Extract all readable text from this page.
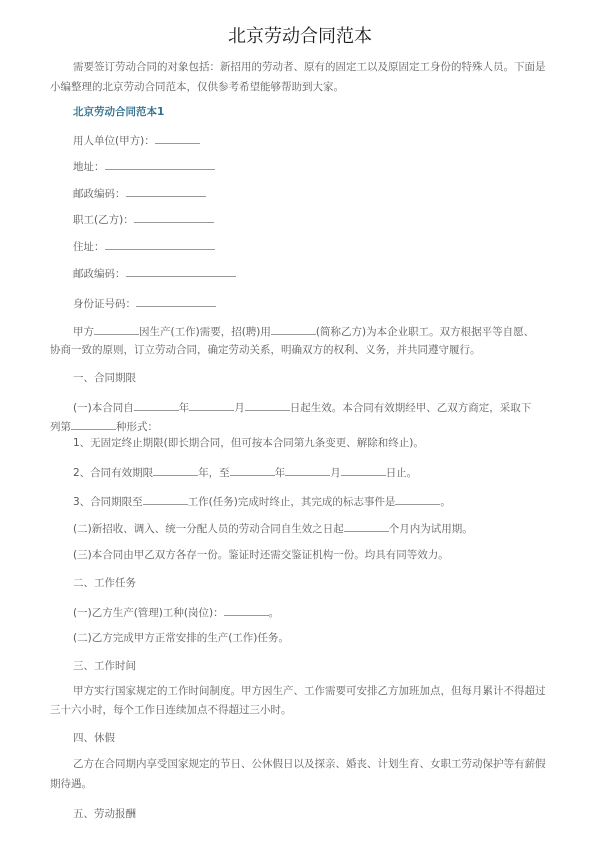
北京劳动合同范本
需要签订劳动合同的对象包括：新招用的劳动者、原有的固定工以及原固定工身份的特殊人员。下面是
小编整理的北京劳动合同范本，仅供参考希望能够帮助到大家。
北京劳动合同范本1
用人单位(甲方)：
地址：
邮政编码：
职工(乙方)：
住址：
邮政编码：
身份证号码：
甲方	因生产(工作)需要，招(聘)用	(简称乙方)为本企业职工。双方根据平等自愿、
协商一致的原则，订立劳动合同，确定劳动关系，明确双方的权利、义务，并共同遵守履行。
一、合同期限
(一)本合同自	年	月	日起生效。本合同有效期经甲、乙双方商定，采取下
列第	种形式：
1、无固定终止期限(即长期合同，但可按本合同第九条变更、解除和终止)。
2、合同有效期限	年，至	年	月	日止。
3、合同期限至	工作(任务)完成时终止，其完成的标志事件是	。
(二)新招收、调入、统一分配人员的劳动合同自生效之日起	个月内为试用期。
(三)本合同由甲乙双方各存一份。鉴证时还需交鉴证机构一份。均具有同等效力。
二、工作任务
(一)乙方生产(管理)工种(岗位)：	。
(二)乙方完成甲方正常安排的生产(工作)任务。
三、工作时间
甲方实行国家规定的工作时间制度。甲方因生产、工作需要可安排乙方加班加点，但每月累计不得超过
三十六小时，每个工作日连续加点不得超过三小时。
四、休假
乙方在合同期内享受国家规定的节日、公休假日以及探亲、婚丧、计划生育、女职工劳动保护等有薪假
期待遇。
五、劳动报酬
